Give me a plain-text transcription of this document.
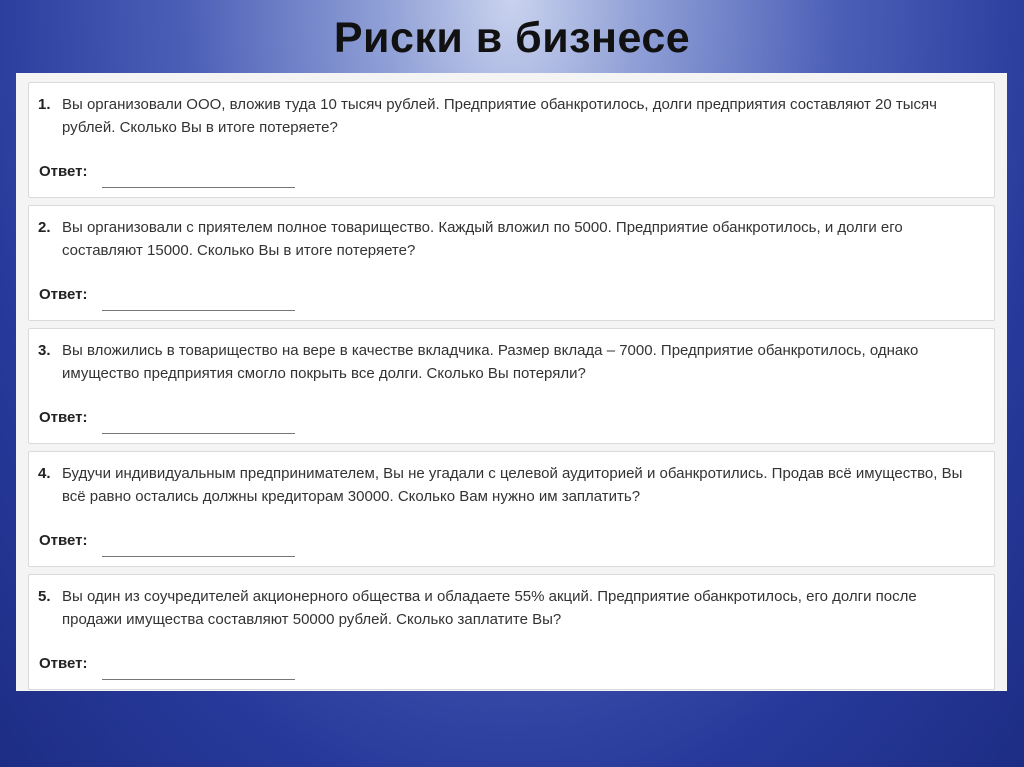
Риски в бизнесе
1. Вы организовали ООО, вложив туда 10 тысяч рублей. Предприятие обанкротилось, долги предприятия составляют 20 тысяч рублей. Сколько Вы в итоге потеряете?
Ответ:
2. Вы организовали с приятелем полное товарищество. Каждый вложил по 5000. Предприятие обанкротилось, и долги его составляют 15000. Сколько Вы в итоге потеряете?
Ответ:
3. Вы вложились в товарищество на вере в качестве вкладчика. Размер вклада – 7000. Предприятие обанкротилось, однако имущество предприятия смогло покрыть все долги. Сколько Вы потеряли?
Ответ:
4. Будучи индивидуальным предпринимателем, Вы не угадали с целевой аудиторией и обанкротились. Продав всё имущество, Вы всё равно остались должны кредиторам 30000. Сколько Вам нужно им заплатить?
Ответ:
5. Вы один из соучредителей акционерного общества и обладаете 55% акций. Предприятие обанкротилось, его долги после продажи имущества составляют 50000 рублей. Сколько заплатите Вы?
Ответ:
